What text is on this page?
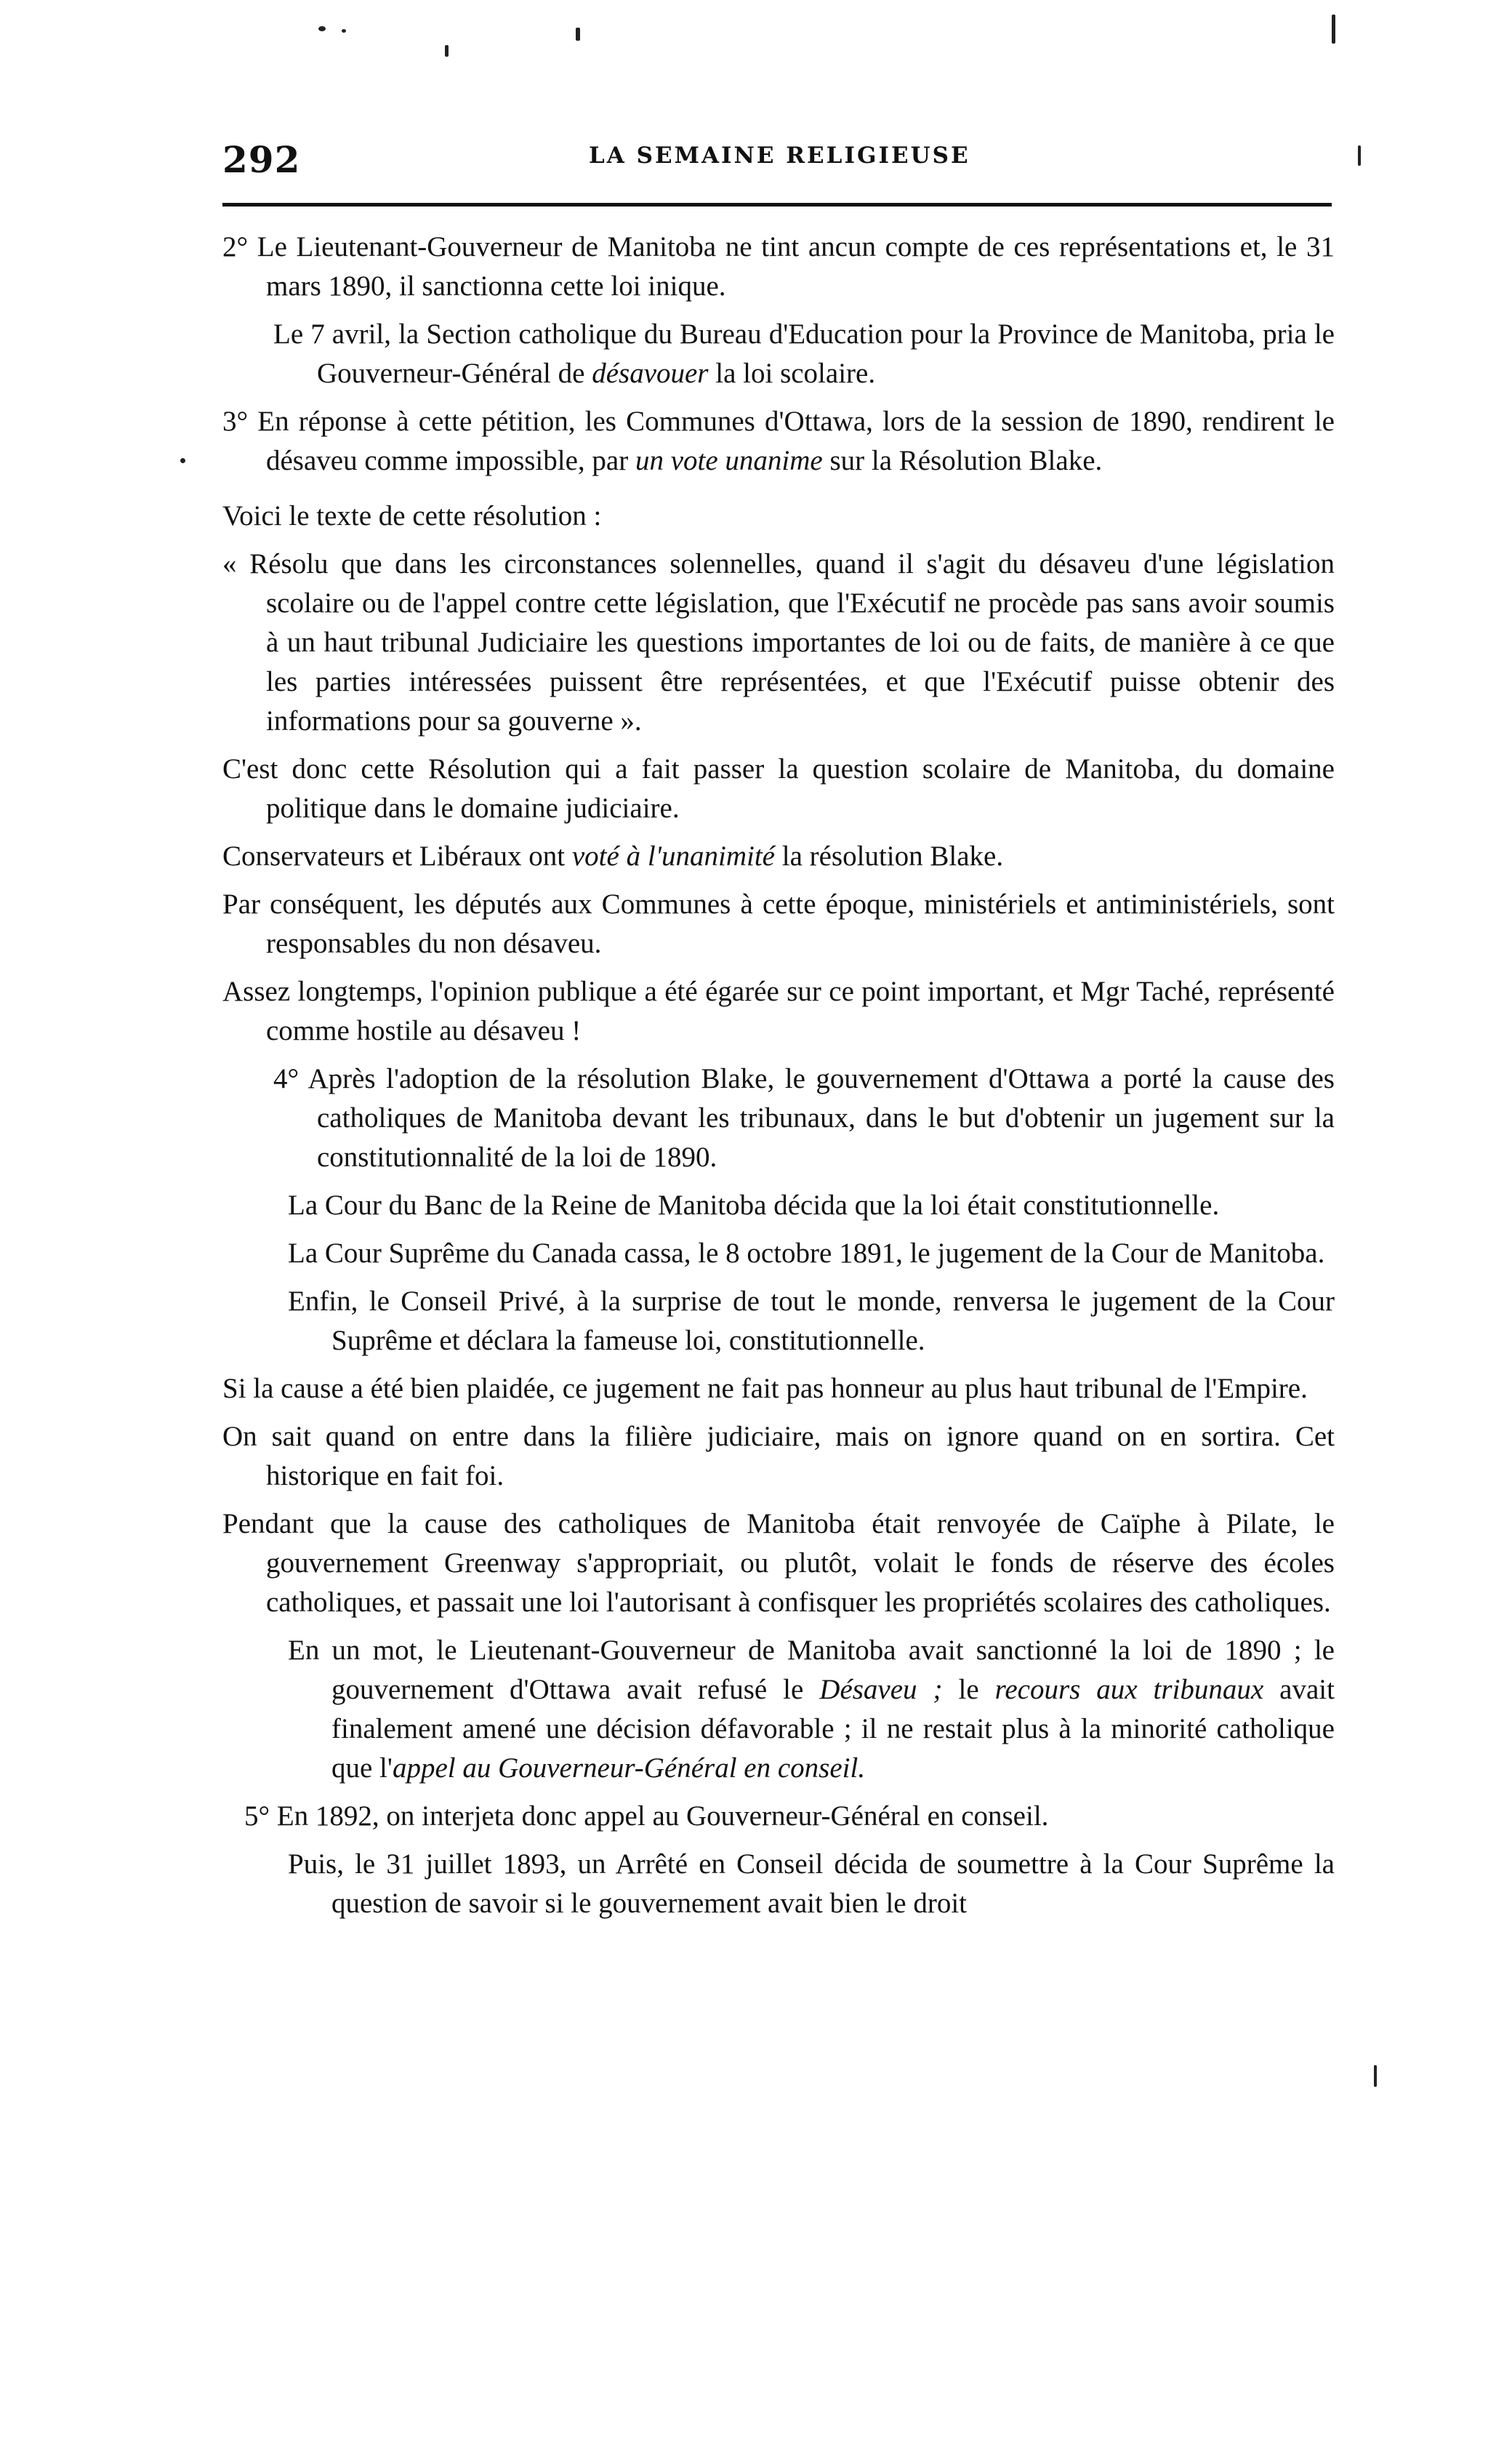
292	LA SEMAINE RELIGIEUSE

2° Le Lieutenant-Gouverneur de Manitoba ne tint ancun compte de ces représentations et, le 31 mars 1890, il sanctionna cette loi inique.

Le 7 avril, la Section catholique du Bureau d'Education pour la Province de Manitoba, pria le Gouverneur-Général de désavouer la loi scolaire.

3° En réponse à cette pétition, les Communes d'Ottawa, lors de la session de 1890, rendirent le désaveu comme impossible, par un vote unanime sur la Résolution Blake.

Voici le texte de cette résolution :

« Résolu que dans les circonstances solennelles, quand il s'agit du désaveu d'une législation scolaire ou de l'appel contre cette législation, que l'Exécutif ne procède pas sans avoir soumis à un haut tribunal Judiciaire les questions importantes de loi ou de faits, de manière à ce que les parties intéressées puissent être représentées, et que l'Exécutif puisse obtenir des informations pour sa gouverne ».

C'est donc cette Résolution qui a fait passer la question scolaire de Manitoba, du domaine politique dans le domaine judiciaire.

Conservateurs et Libéraux ont voté à l'unanimité la résolution Blake.

Par conséquent, les députés aux Communes à cette époque, ministériels et antiministériels, sont responsables du non désaveu.

Assez longtemps, l'opinion publique a été égarée sur ce point important, et Mgr Taché, représenté comme hostile au désaveu !

4° Après l'adoption de la résolution Blake, le gouvernement d'Ottawa a porté la cause des catholiques de Manitoba devant les tribunaux, dans le but d'obtenir un jugement sur la constitutionnalité de la loi de 1890.

La Cour du Banc de la Reine de Manitoba décida que la loi était constitutionnelle.

La Cour Suprême du Canada cassa, le 8 octobre 1891, le jugement de la Cour de Manitoba.

Enfin, le Conseil Privé, à la surprise de tout le monde, renversa le jugement de la Cour Suprême et déclara la fameuse loi, constitutionnelle.

Si la cause a été bien plaidée, ce jugement ne fait pas honneur au plus haut tribunal de l'Empire.

On sait quand on entre dans la filière judiciaire, mais on ignore quand on en sortira. Cet historique en fait foi.

Pendant que la cause des catholiques de Manitoba était renvoyée de Caïphe à Pilate, le gouvernement Greenway s'appropriait, ou plutôt, volait le fonds de réserve des écoles catholiques, et passait une loi l'autorisant à confisquer les propriétés scolaires des catholiques.

En un mot, le Lieutenant-Gouverneur de Manitoba avait sanctionné la loi de 1890 ; le gouvernement d'Ottawa avait refusé le Désaveu ; le recours aux tribunaux avait finalement amené une décision défavorable ; il ne restait plus à la minorité catholique que l'appel au Gouverneur-Général en conseil.

5° En 1892, on interjeta donc appel au Gouverneur-Général en conseil.

Puis, le 31 juillet 1893, un Arrêté en Conseil décida de soumettre à la Cour Suprême la question de savoir si le gouvernement avait bien le droit
